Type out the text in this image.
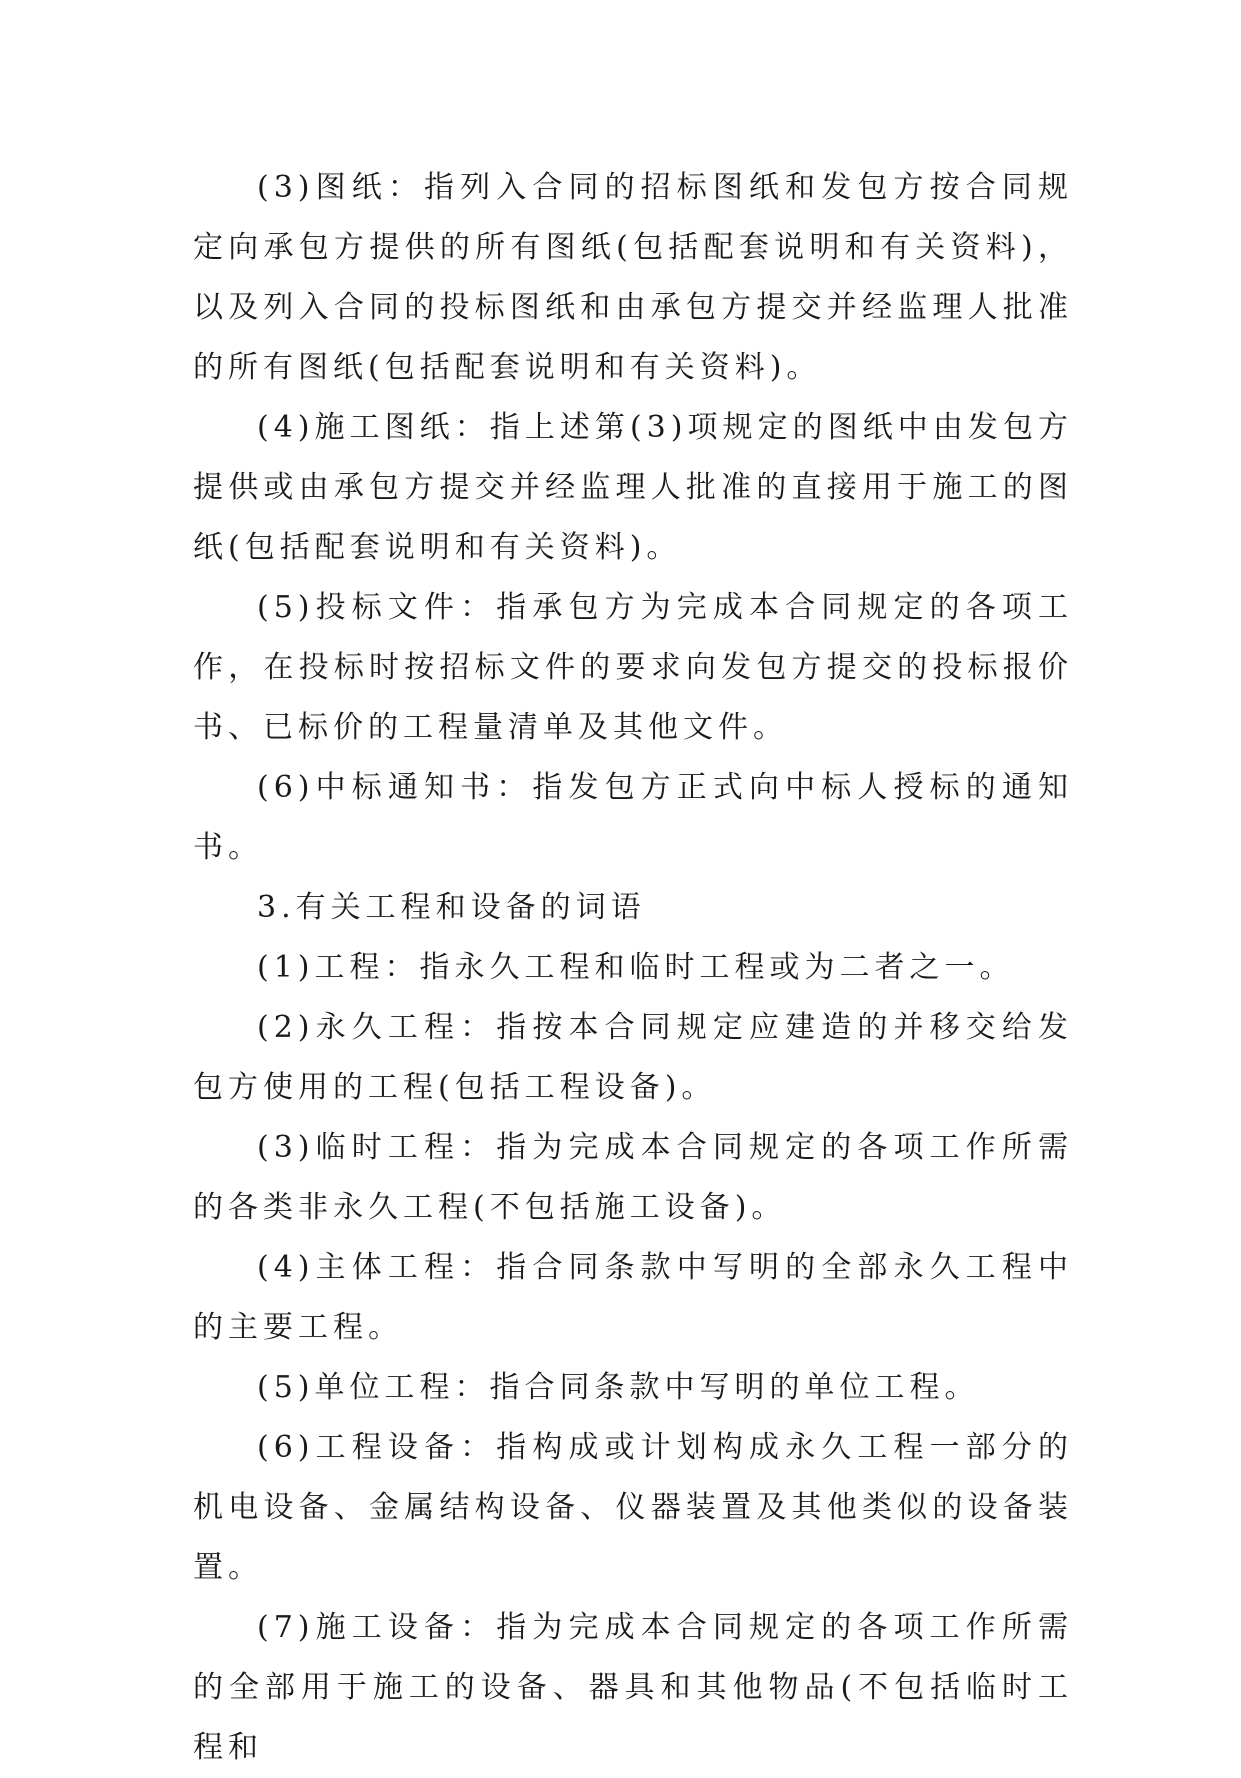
(3)图纸：指列入合同的招标图纸和发包方按合同规定向承包方提供的所有图纸(包括配套说明和有关资料)，以及列入合同的投标图纸和由承包方提交并经监理人批准的所有图纸(包括配套说明和有关资料)。

(4)施工图纸：指上述第(3)项规定的图纸中由发包方提供或由承包方提交并经监理人批准的直接用于施工的图纸(包括配套说明和有关资料)。

(5)投标文件：指承包方为完成本合同规定的各项工作，在投标时按招标文件的要求向发包方提交的投标报价书、已标价的工程量清单及其他文件。

(6)中标通知书：指发包方正式向中标人授标的通知书。

3.有关工程和设备的词语

(1)工程：指永久工程和临时工程或为二者之一。

(2)永久工程：指按本合同规定应建造的并移交给发包方使用的工程(包括工程设备)。

(3)临时工程：指为完成本合同规定的各项工作所需的各类非永久工程(不包括施工设备)。

(4)主体工程：指合同条款中写明的全部永久工程中的主要工程。

(5)单位工程：指合同条款中写明的单位工程。

(6)工程设备：指构成或计划构成永久工程一部分的机电设备、金属结构设备、仪器装置及其他类似的设备装置。

(7)施工设备：指为完成本合同规定的各项工作所需的全部用于施工的设备、器具和其他物品(不包括临时工程和
